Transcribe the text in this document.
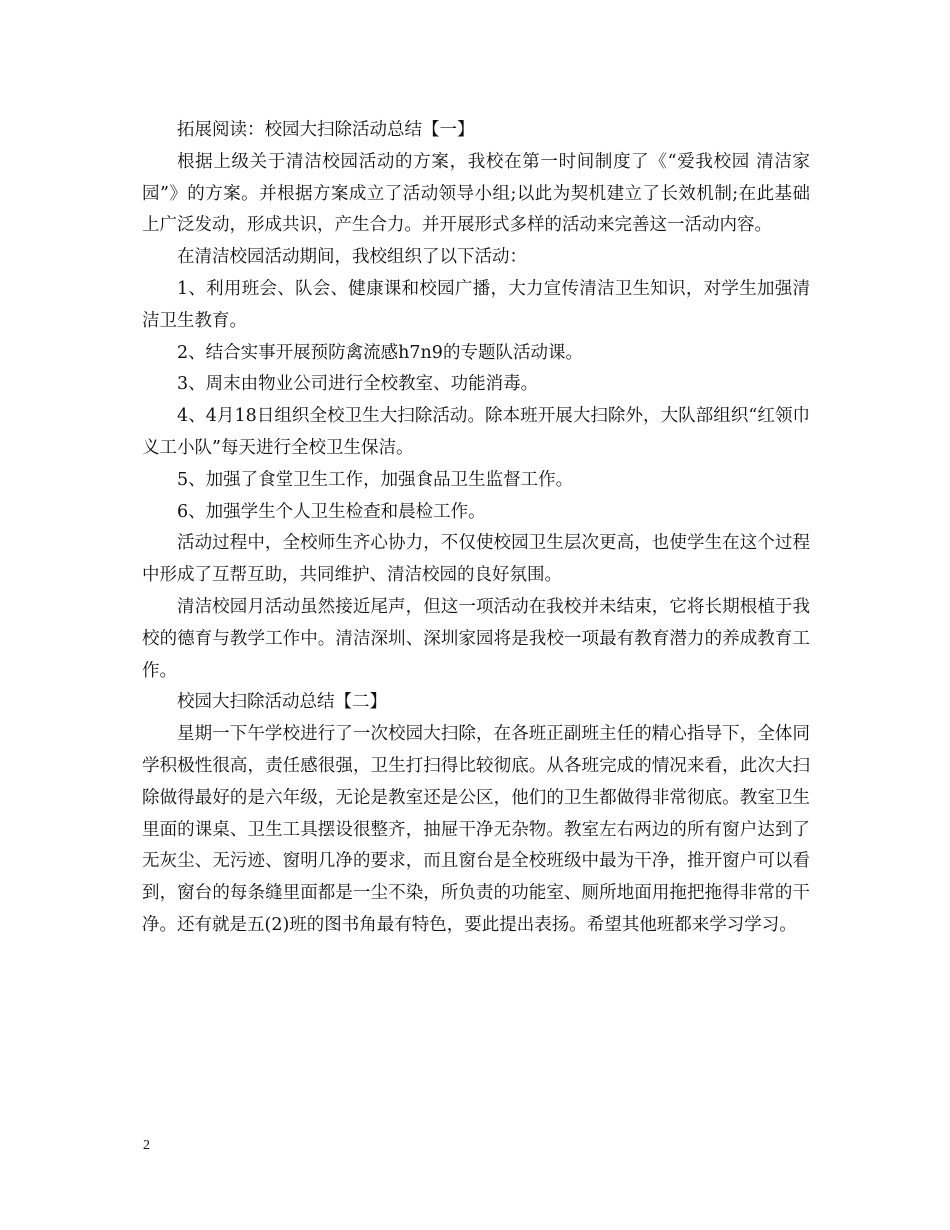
拓展阅读：校园大扫除活动总结【一】

根据上级关于清洁校园活动的方案，我校在第一时间制度了《“爱我校园 清洁家园”》的方案。并根据方案成立了活动领导小组;以此为契机建立了长效机制;在此基础上广泛发动，形成共识，产生合力。并开展形式多样的活动来完善这一活动内容。

在清洁校园活动期间，我校组织了以下活动：

1、利用班会、队会、健康课和校园广播，大力宣传清洁卫生知识，对学生加强清洁卫生教育。

2、结合实事开展预防禽流感h7n9的专题队活动课。

3、周末由物业公司进行全校教室、功能消毒。

4、4月18日组织全校卫生大扫除活动。除本班开展大扫除外，大队部组织“红领巾义工小队”每天进行全校卫生保洁。

5、加强了食堂卫生工作，加强食品卫生监督工作。

6、加强学生个人卫生检查和晨检工作。

活动过程中，全校师生齐心协力，不仅使校园卫生层次更高，也使学生在这个过程中形成了互帮互助，共同维护、清洁校园的良好氛围。

清洁校园月活动虽然接近尾声，但这一项活动在我校并未结束，它将长期根植于我校的德育与教学工作中。清洁深圳、深圳家园将是我校一项最有教育潜力的养成教育工作。

校园大扫除活动总结【二】

星期一下午学校进行了一次校园大扫除，在各班正副班主任的精心指导下，全体同学积极性很高，责任感很强，卫生打扫得比较彻底。从各班完成的情况来看，此次大扫除做得最好的是六年级，无论是教室还是公区，他们的卫生都做得非常彻底。教室卫生里面的课桌、卫生工具摆设很整齐，抽屉干净无杂物。教室左右两边的所有窗户达到了无灰尘、无污迹、窗明几净的要求，而且窗台是全校班级中最为干净，推开窗户可以看到，窗台的每条缝里面都是一尘不染，所负责的功能室、厕所地面用拖把拖得非常的干净。还有就是五(2)班的图书角最有特色，要此提出表扬。希望其他班都来学习学习。

2
